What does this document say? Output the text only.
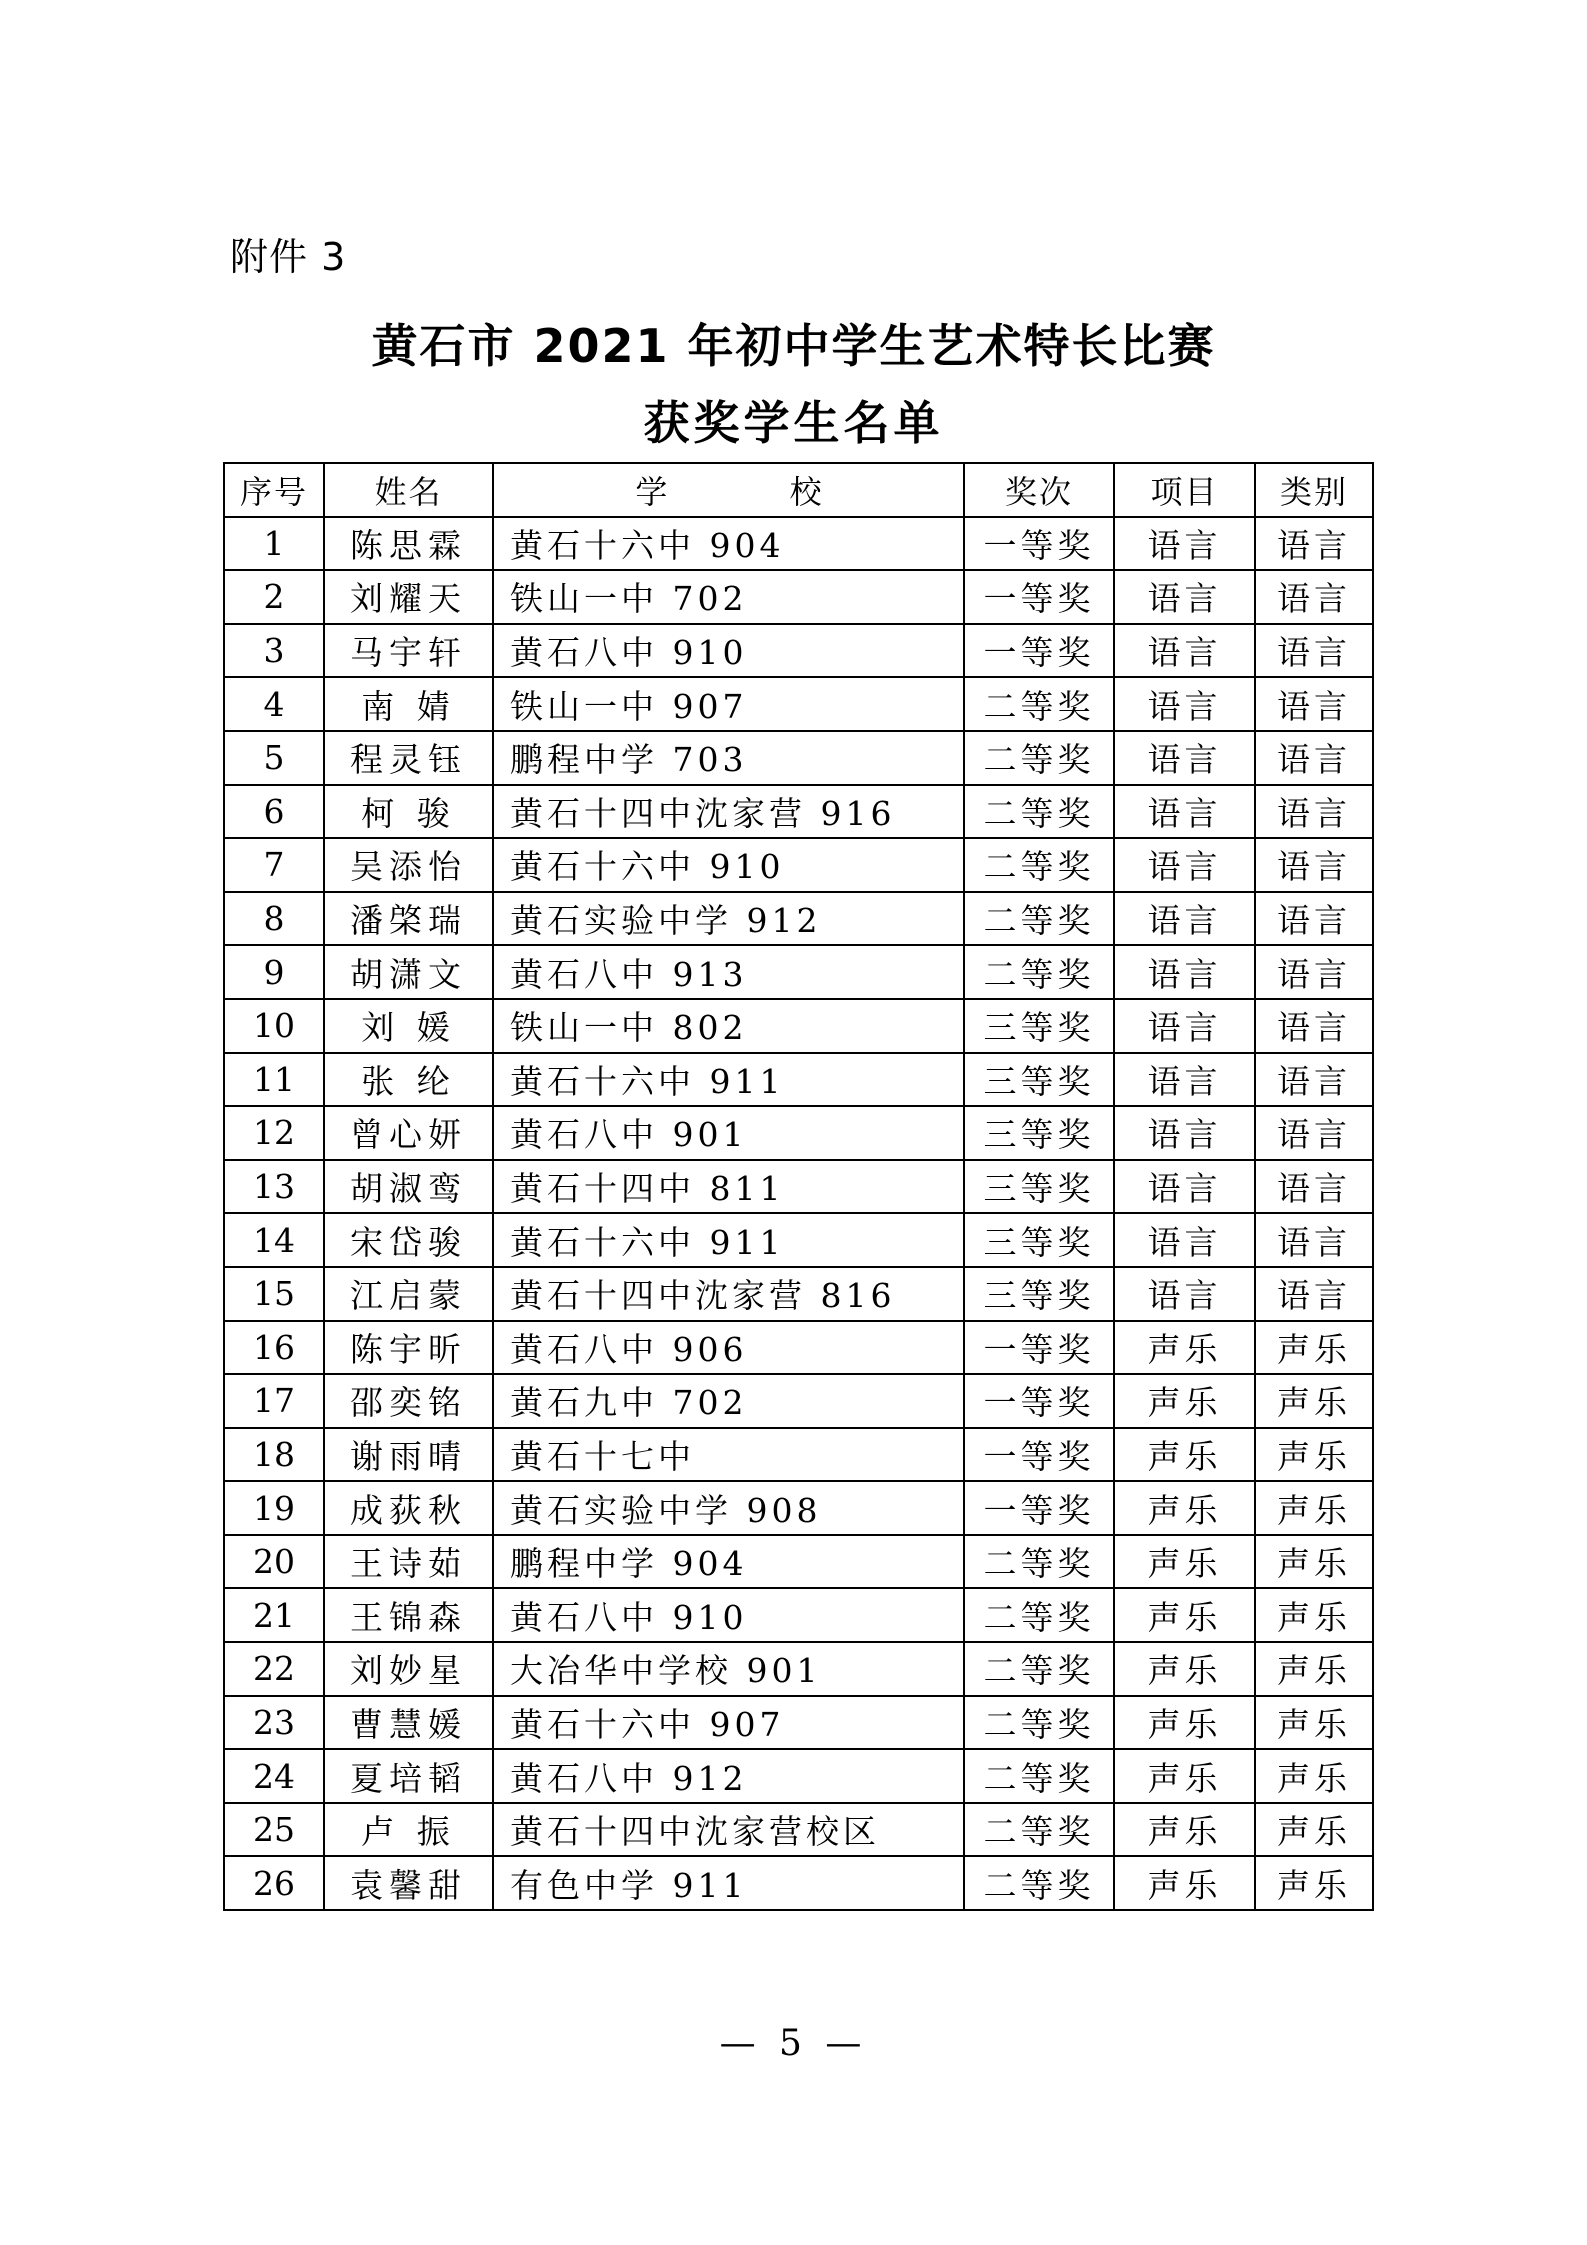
附件 3
黄石市 2021 年初中学生艺术特长比赛
获奖学生名单
序号	姓名	学 校	奖次	项目	类别
1	陈思霖	黄石十六中 904	一等奖	语言	语言
2	刘耀天	铁山一中 702	一等奖	语言	语言
3	马宇轩	黄石八中 910	一等奖	语言	语言
4	南 婧	铁山一中 907	二等奖	语言	语言
5	程灵钰	鹏程中学 703	二等奖	语言	语言
6	柯 骏	黄石十四中沈家营 916	二等奖	语言	语言
7	吴添怡	黄石十六中 910	二等奖	语言	语言
8	潘棨瑞	黄石实验中学 912	二等奖	语言	语言
9	胡潇文	黄石八中 913	二等奖	语言	语言
10	刘 媛	铁山一中 802	三等奖	语言	语言
11	张 纶	黄石十六中 911	三等奖	语言	语言
12	曾心妍	黄石八中 901	三等奖	语言	语言
13	胡淑鸾	黄石十四中 811	三等奖	语言	语言
14	宋岱骏	黄石十六中 911	三等奖	语言	语言
15	江启蒙	黄石十四中沈家营 816	三等奖	语言	语言
16	陈宇昕	黄石八中 906	一等奖	声乐	声乐
17	邵奕铭	黄石九中 702	一等奖	声乐	声乐
18	谢雨晴	黄石十七中	一等奖	声乐	声乐
19	成荻秋	黄石实验中学 908	一等奖	声乐	声乐
20	王诗茹	鹏程中学 904	二等奖	声乐	声乐
21	王锦森	黄石八中 910	二等奖	声乐	声乐
22	刘妙星	大冶华中学校 901	二等奖	声乐	声乐
23	曹慧媛	黄石十六中 907	二等奖	声乐	声乐
24	夏培韬	黄石八中 912	二等奖	声乐	声乐
25	卢 振	黄石十四中沈家营校区	二等奖	声乐	声乐
26	袁馨甜	有色中学 911	二等奖	声乐	声乐
— 5 —
